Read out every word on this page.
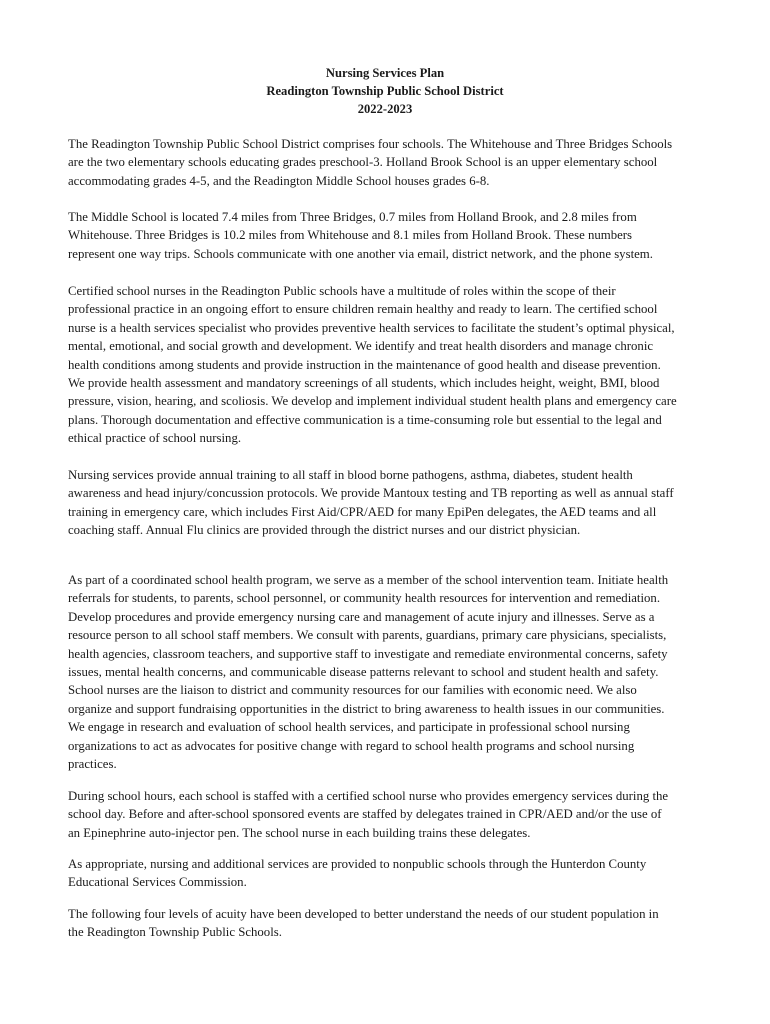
Nursing Services Plan
Readington Township Public School District
2022-2023
The Readington Township Public School District comprises four schools. The Whitehouse and Three Bridges Schools
are the two elementary schools educating grades preschool-3. Holland Brook School is an upper elementary school
accommodating grades 4-5, and the Readington Middle School houses grades 6-8.
The Middle School is located 7.4 miles from Three Bridges, 0.7 miles from Holland Brook, and 2.8 miles from
Whitehouse. Three Bridges is 10.2 miles from Whitehouse and 8.1 miles from Holland Brook. These numbers
represent one way trips. Schools communicate with one another via email, district network, and the phone system.
Certified school nurses in the Readington Public schools have a multitude of roles within the scope of their
professional practice in an ongoing effort to ensure children remain healthy and ready to learn. The certified school
nurse is a health services specialist who provides preventive health services to facilitate the student’s optimal physical,
mental, emotional, and social growth and development. We identify and treat health disorders and manage chronic
health conditions among students and provide instruction in the maintenance of good health and disease prevention.
We provide health assessment and mandatory screenings of all students, which includes height, weight, BMI, blood
pressure, vision, hearing, and scoliosis. We develop and implement individual student health plans and emergency care
plans. Thorough documentation and effective communication is a time-consuming role but essential to the legal and
ethical practice of school nursing.
Nursing services provide annual training to all staff in blood borne pathogens, asthma, diabetes, student health
awareness and head injury/concussion protocols. We provide Mantoux testing and TB reporting as well as annual staff
training in emergency care, which includes First Aid/CPR/AED for many EpiPen delegates, the AED teams and all
coaching staff. Annual Flu clinics are provided through the district nurses and our district physician.
As part of a coordinated school health program, we serve as a member of the school intervention team. Initiate health
referrals for students, to parents, school personnel, or community health resources for intervention and remediation.
Develop procedures and provide emergency nursing care and management of acute injury and illnesses. Serve as a
resource person to all school staff members. We consult with parents, guardians, primary care physicians, specialists,
health agencies, classroom teachers, and supportive staff to investigate and remediate environmental concerns, safety
issues, mental health concerns, and communicable disease patterns relevant to school and student health and safety.
School nurses are the liaison to district and community resources for our families with economic need. We also
organize and support fundraising opportunities in the district to bring awareness to health issues in our communities.
We engage in research and evaluation of school health services, and participate in professional school nursing
organizations to act as advocates for positive change with regard to school health programs and school nursing
practices.
During school hours, each school is staffed with a certified school nurse who provides emergency services during the
school day. Before and after-school sponsored events are staffed by delegates trained in CPR/AED and/or the use of
an Epinephrine auto-injector pen. The school nurse in each building trains these delegates.
As appropriate, nursing and additional services are provided to nonpublic schools through the Hunterdon County
Educational Services Commission.
The following four levels of acuity have been developed to better understand the needs of our student population in
the Readington Township Public Schools.
